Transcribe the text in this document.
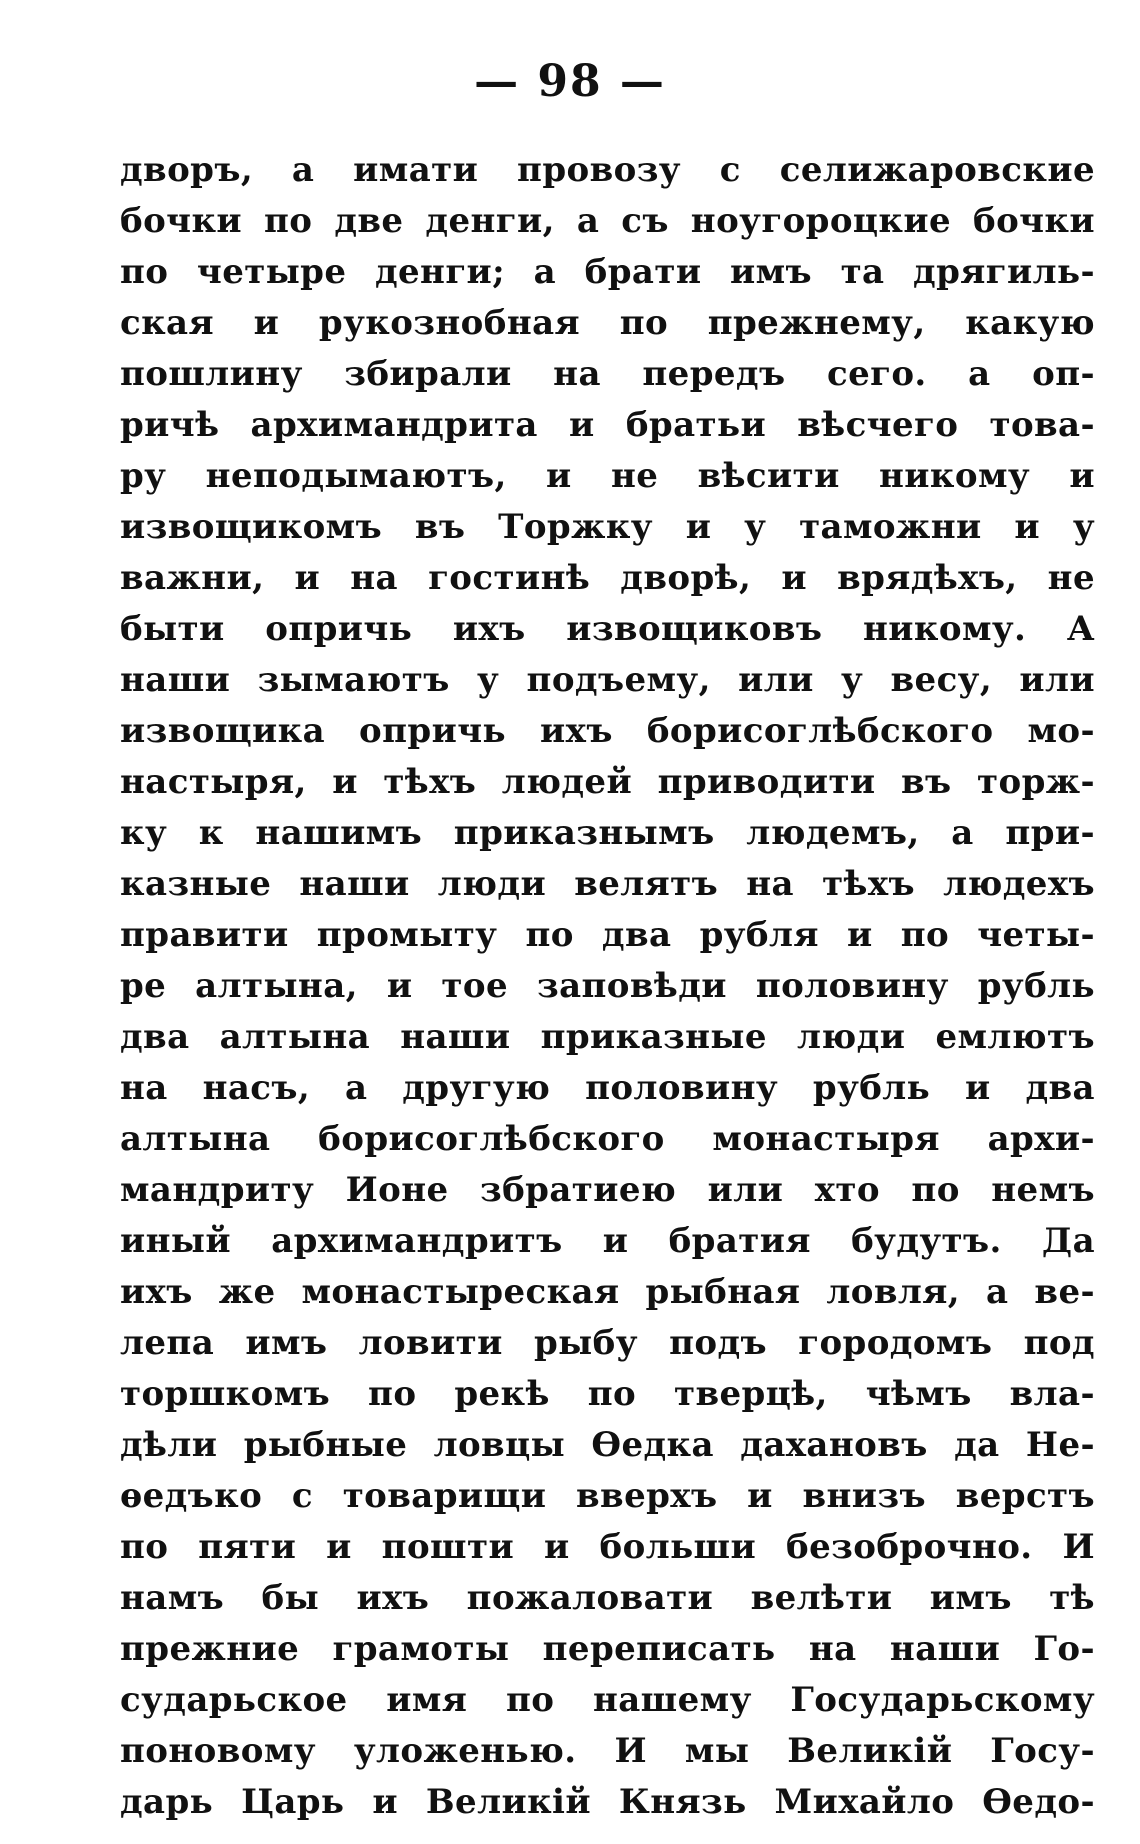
— 98 —
дворъ, а имати провозу с селижаровские
бочки по две денги, а съ ноугороцкие бочки
по четыре денги; а брати имъ та дрягиль-
ская и рукознобная по прежнему, какую
пошлину збирали на передъ сего. а оп-
ричѣ архимандрита и братьи вѣсчего това-
ру неподымаютъ, и не вѣсити никому и
извощикомъ въ Торжку и у таможни и у
важни, и на гостинѣ дворѣ, и врядѣхъ, не
быти опричь ихъ извощиковъ никому. А
наши зымаютъ у подъему, или у весу, или
извощика опричь ихъ борисоглѣбского мо-
настыря, и тѣхъ людей приводити въ торж-
ку к нашимъ приказнымъ людемъ, а при-
казные наши люди велятъ на тѣхъ людехъ
правити промыту по два рубля и по четы-
ре алтына, и тое заповѣди половину рубль
два алтына наши приказные люди емлютъ
на насъ, а другую половину рубль и два
алтына борисоглѣбского монастыря архи-
мандриту Ионе збратиею или хто по немъ
иный архимандритъ и братия будутъ. Да
ихъ же монастыреская рыбная ловля, а ве-
лепа имъ ловити рыбу подъ городомъ под
торшкомъ по рекѣ по тверцѣ, чѣмъ вла-
дѣли рыбные ловцы Ѳедка дахановъ да Не-
ѳедъко с товарищи вверхъ и внизъ верстъ
по пяти и пошти и больши безоброчно. И
намъ бы ихъ пожаловати велѣти имъ тѣ
прежние грамоты переписать на наши Го-
сударьское имя по нашему Государьскому
поновому уложенью. И мы Великій Госу-
дарь Царь и Великій Князь Михайло Ѳедо-
